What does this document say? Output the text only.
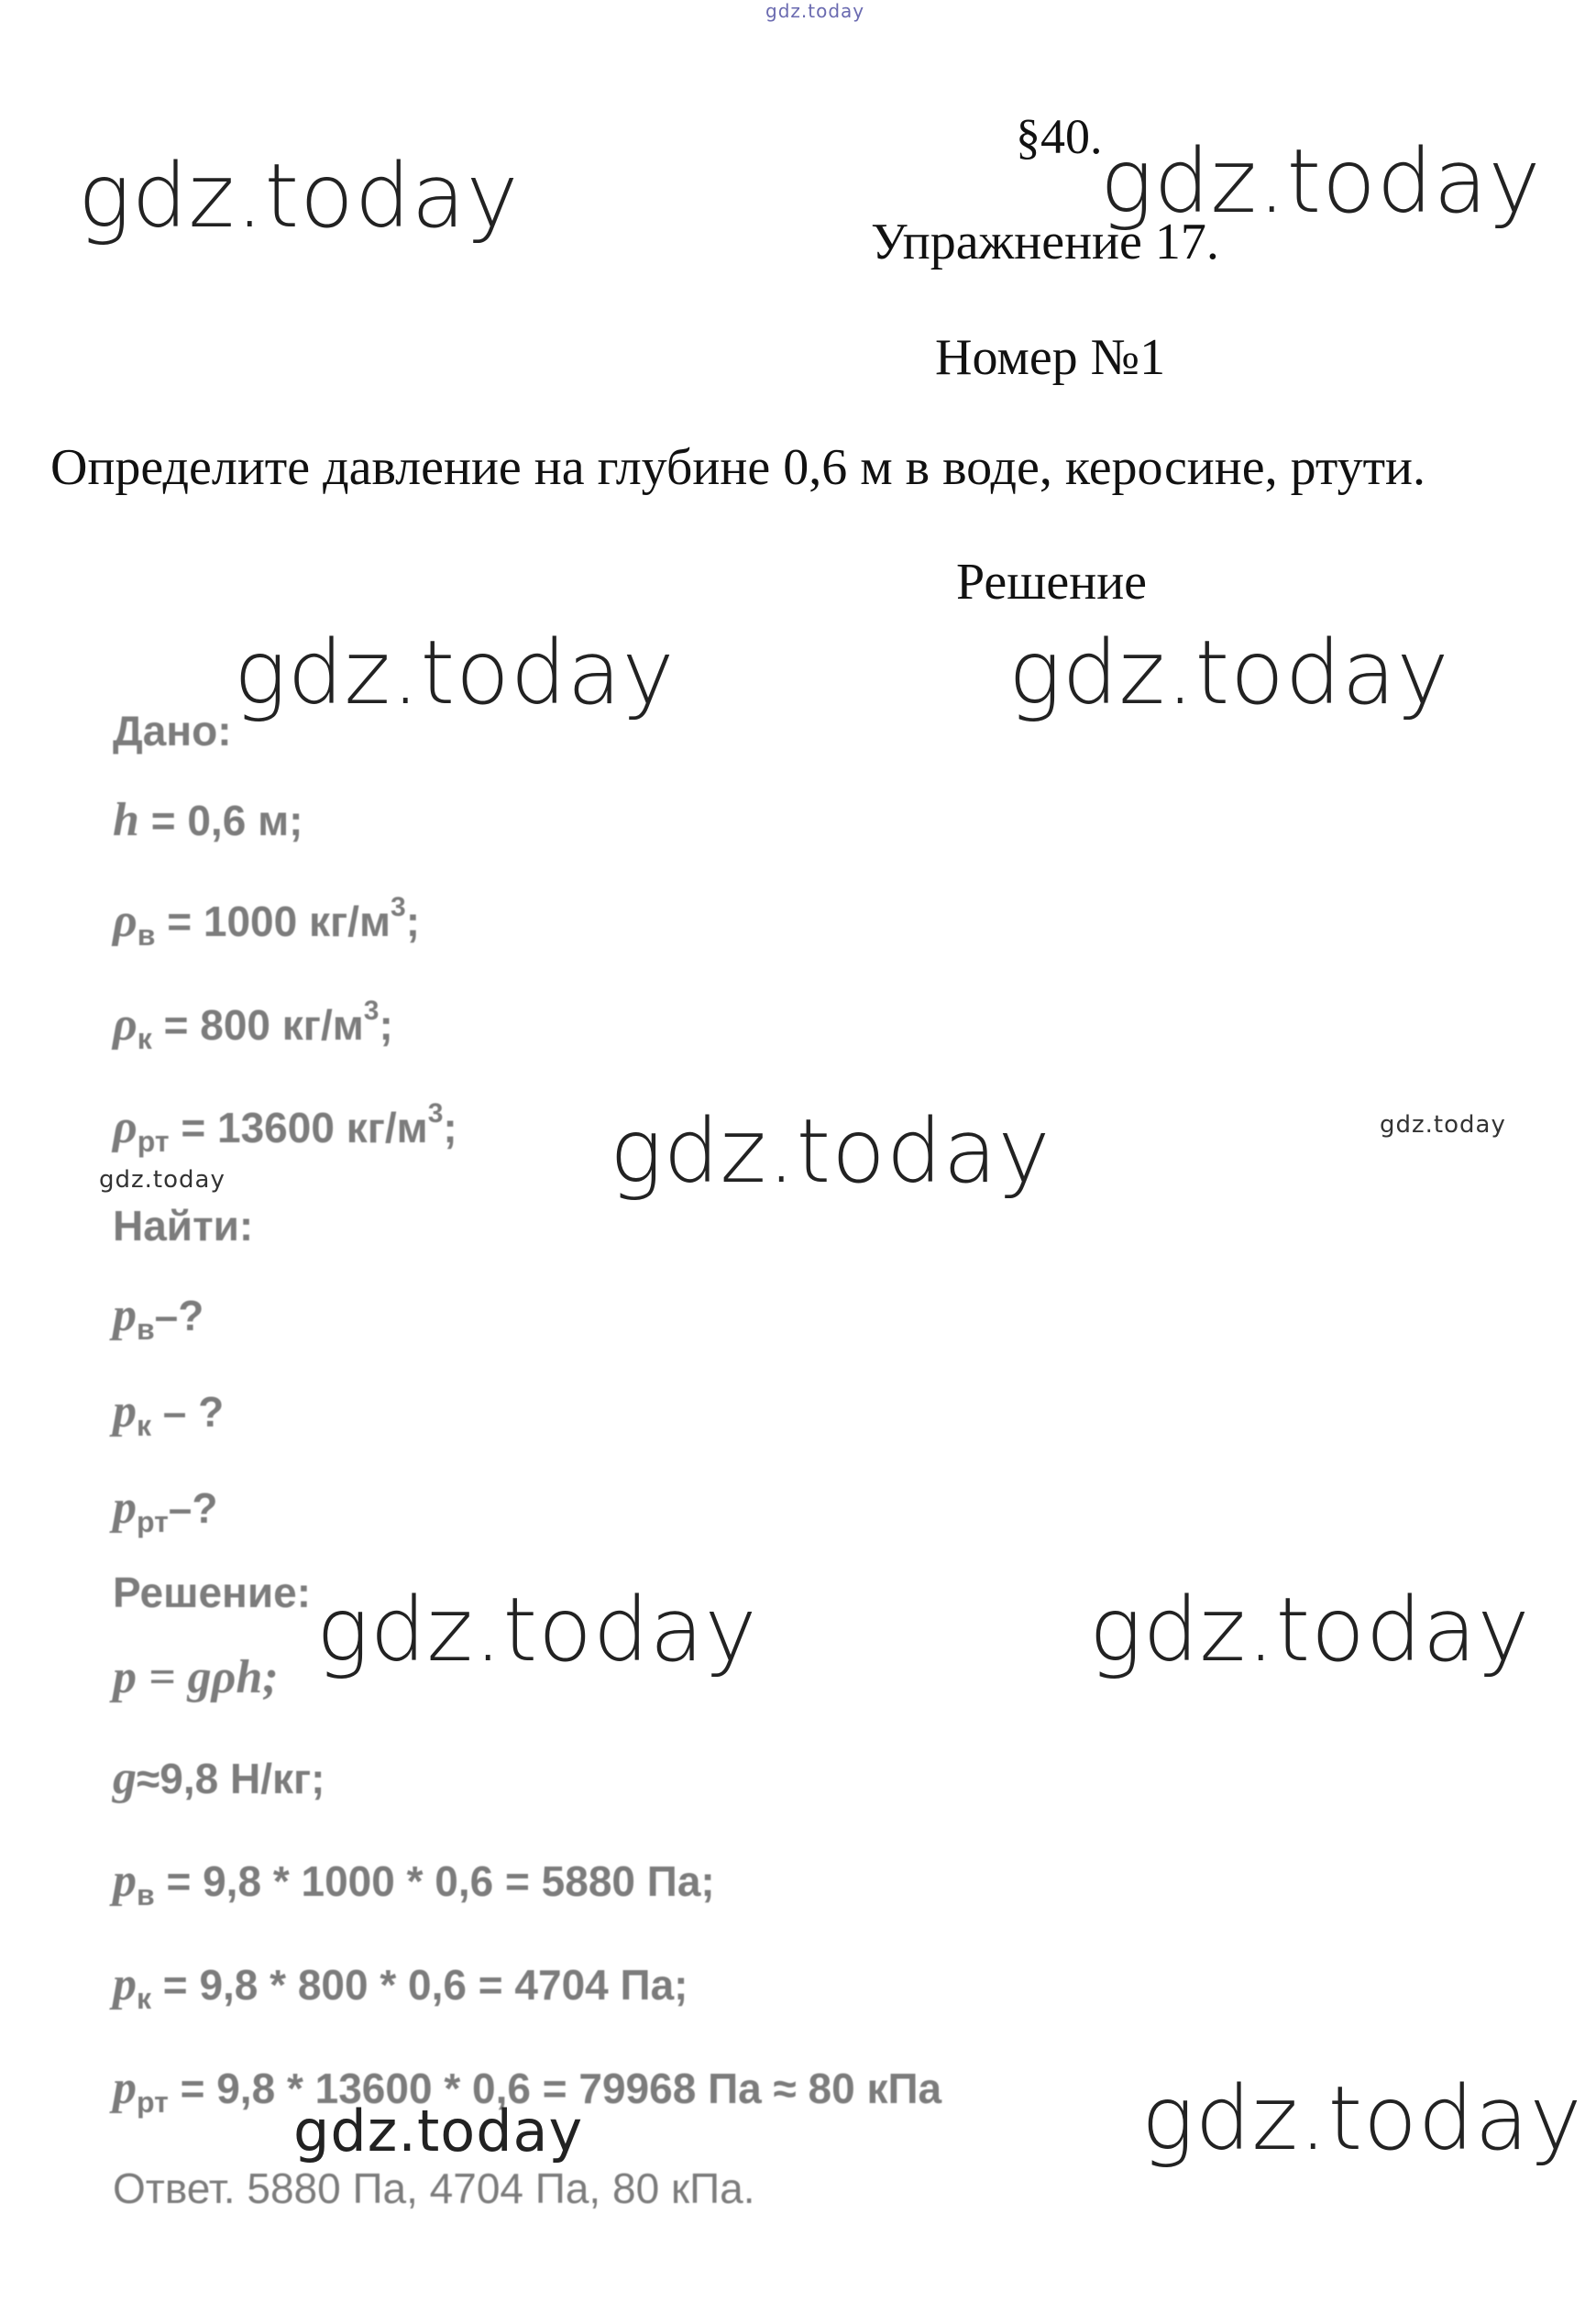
§40.
Упражнение 17.
Номер №1
Определите давление на глубине 0,6 м в воде, керосине, ртути.
Решение
Дано:
h = 0,6 м;
$\rho_в = 1000$ $кг/м^3$;
$\rho_к = 800$ $кг/м^3$;
$\rho_{рт} = 13600$ $кг/м^3$;
Найти:
$p_в-$?
$p_к$ – ?
$p_{рт}-$?
Решение:
p = gρh;
g≈9,8 Н/кг;
$p_в = 9,8 * 1000 * 0,6 = 5880$ Па;
$p_к = 9,8 * 800 * 0,6 = 4704$ Па;
$p_{рт} = 9,8 * 13600 * 0,6 = 79968$ Па ≈ 80 кПа
Ответ. 5880 Па, 4704 Па, 80 кПа.
gdz.today
gdz.today	gdz.today
gdz.today	gdz.today
gdz.today	gdz.today
gdz.today
gdz.today	gdz.today
gdz.today
gdz.today
